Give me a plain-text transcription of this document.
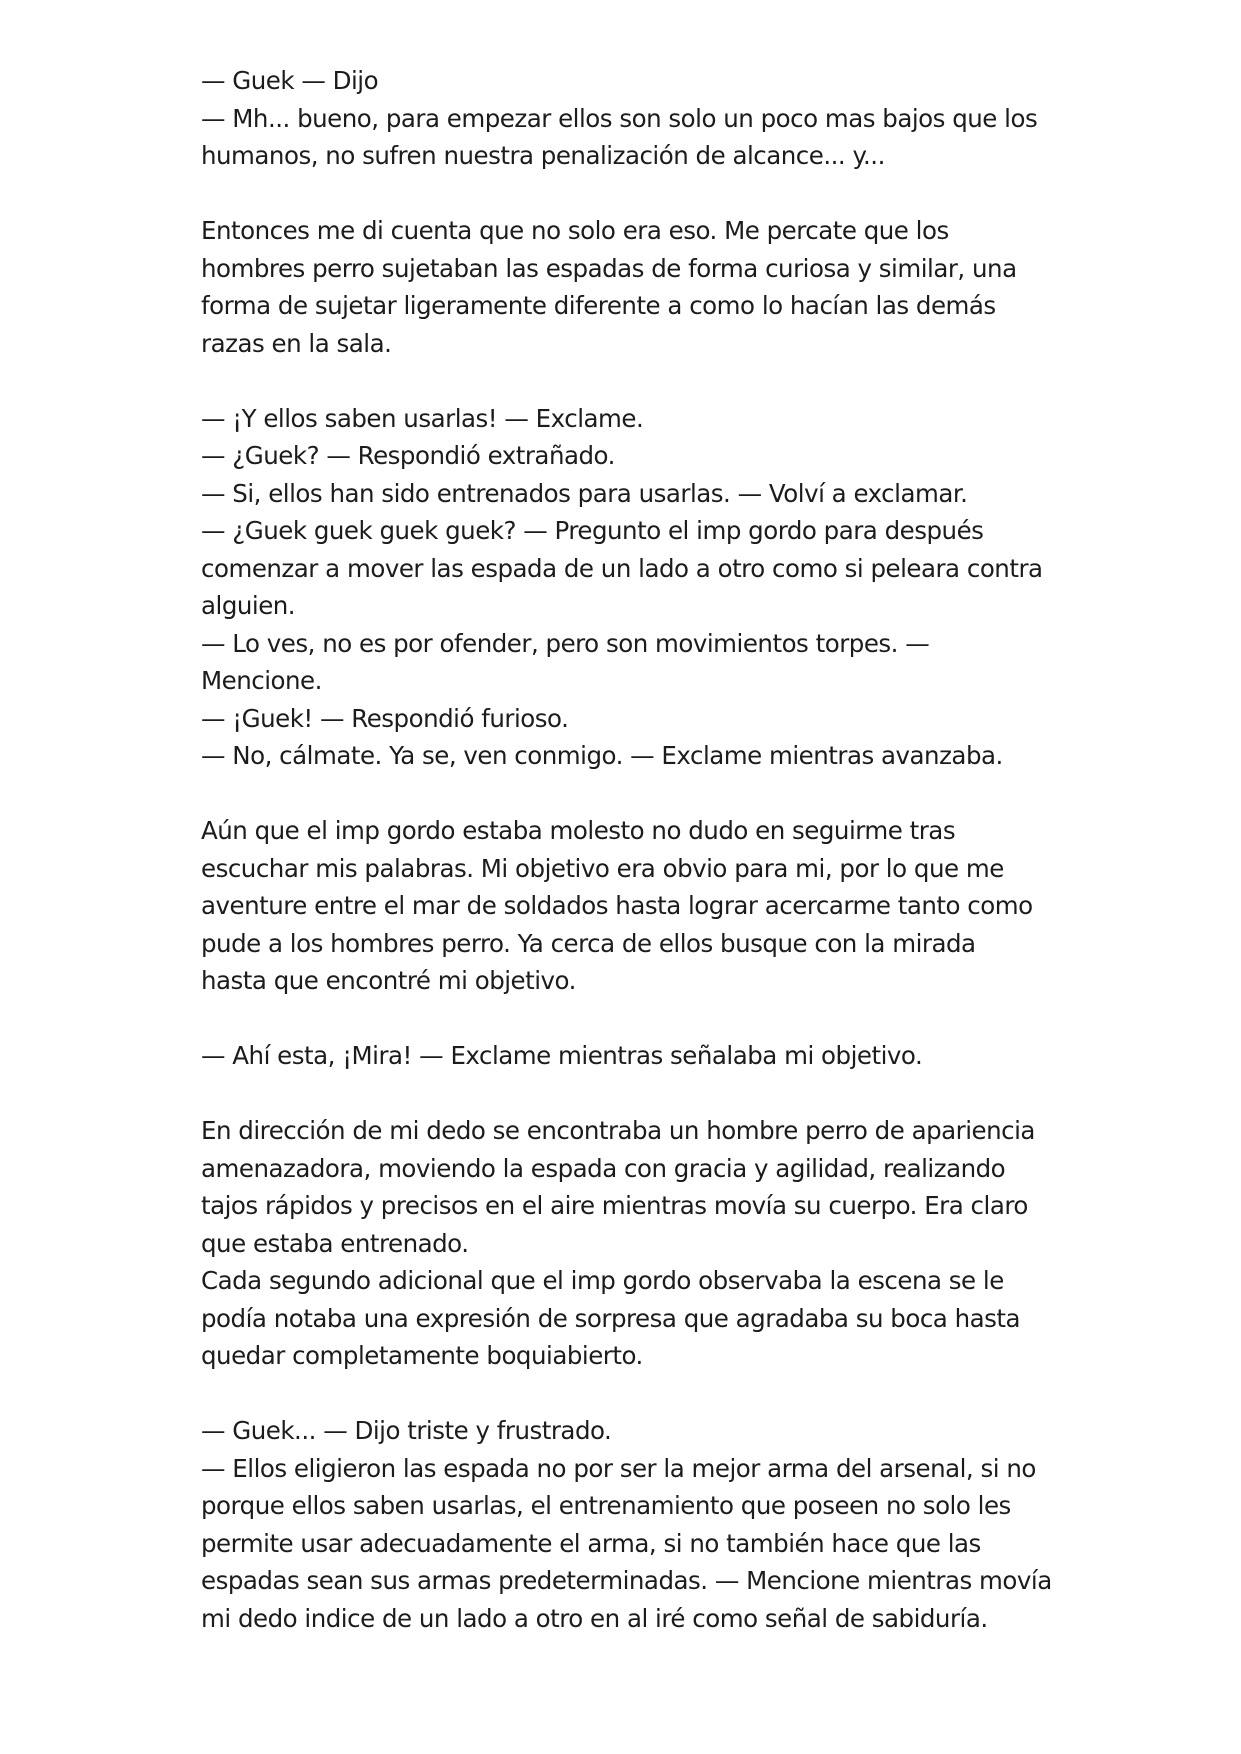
— Guek — Dijo
— Mh... bueno, para empezar ellos son solo un poco mas bajos que los
humanos, no sufren nuestra penalización de alcance... y...
Entonces me di cuenta que no solo era eso. Me percate que los
hombres perro sujetaban las espadas de forma curiosa y similar, una
forma de sujetar ligeramente diferente a como lo hacían las demás
razas en la sala.
— ¡Y ellos saben usarlas! — Exclame.
— ¿Guek? — Respondió extrañado.
— Si, ellos han sido entrenados para usarlas. — Volví a exclamar.
— ¿Guek guek guek guek? — Pregunto el imp gordo para después
comenzar a mover las espada de un lado a otro como si peleara contra
alguien.
— Lo ves, no es por ofender, pero son movimientos torpes. —
Mencione.
— ¡Guek! — Respondió furioso.
— No, cálmate. Ya se, ven conmigo. — Exclame mientras avanzaba.
Aún que el imp gordo estaba molesto no dudo en seguirme tras
escuchar mis palabras. Mi objetivo era obvio para mi, por lo que me
aventure entre el mar de soldados hasta lograr acercarme tanto como
pude a los hombres perro. Ya cerca de ellos busque con la mirada
hasta que encontré mi objetivo.
— Ahí esta, ¡Mira! — Exclame mientras señalaba mi objetivo.
En dirección de mi dedo se encontraba un hombre perro de apariencia
amenazadora, moviendo la espada con gracia y agilidad, realizando
tajos rápidos y precisos en el aire mientras movía su cuerpo. Era claro
que estaba entrenado.
Cada segundo adicional que el imp gordo observaba la escena se le
podía notaba una expresión de sorpresa que agradaba su boca hasta
quedar completamente boquiabierto.
— Guek... — Dijo triste y frustrado.
— Ellos eligieron las espada no por ser la mejor arma del arsenal, si no
porque ellos saben usarlas, el entrenamiento que poseen no solo les
permite usar adecuadamente el arma, si no también hace que las
espadas sean sus armas predeterminadas. — Mencione mientras movía
mi dedo indice de un lado a otro en al iré como señal de sabiduría.
